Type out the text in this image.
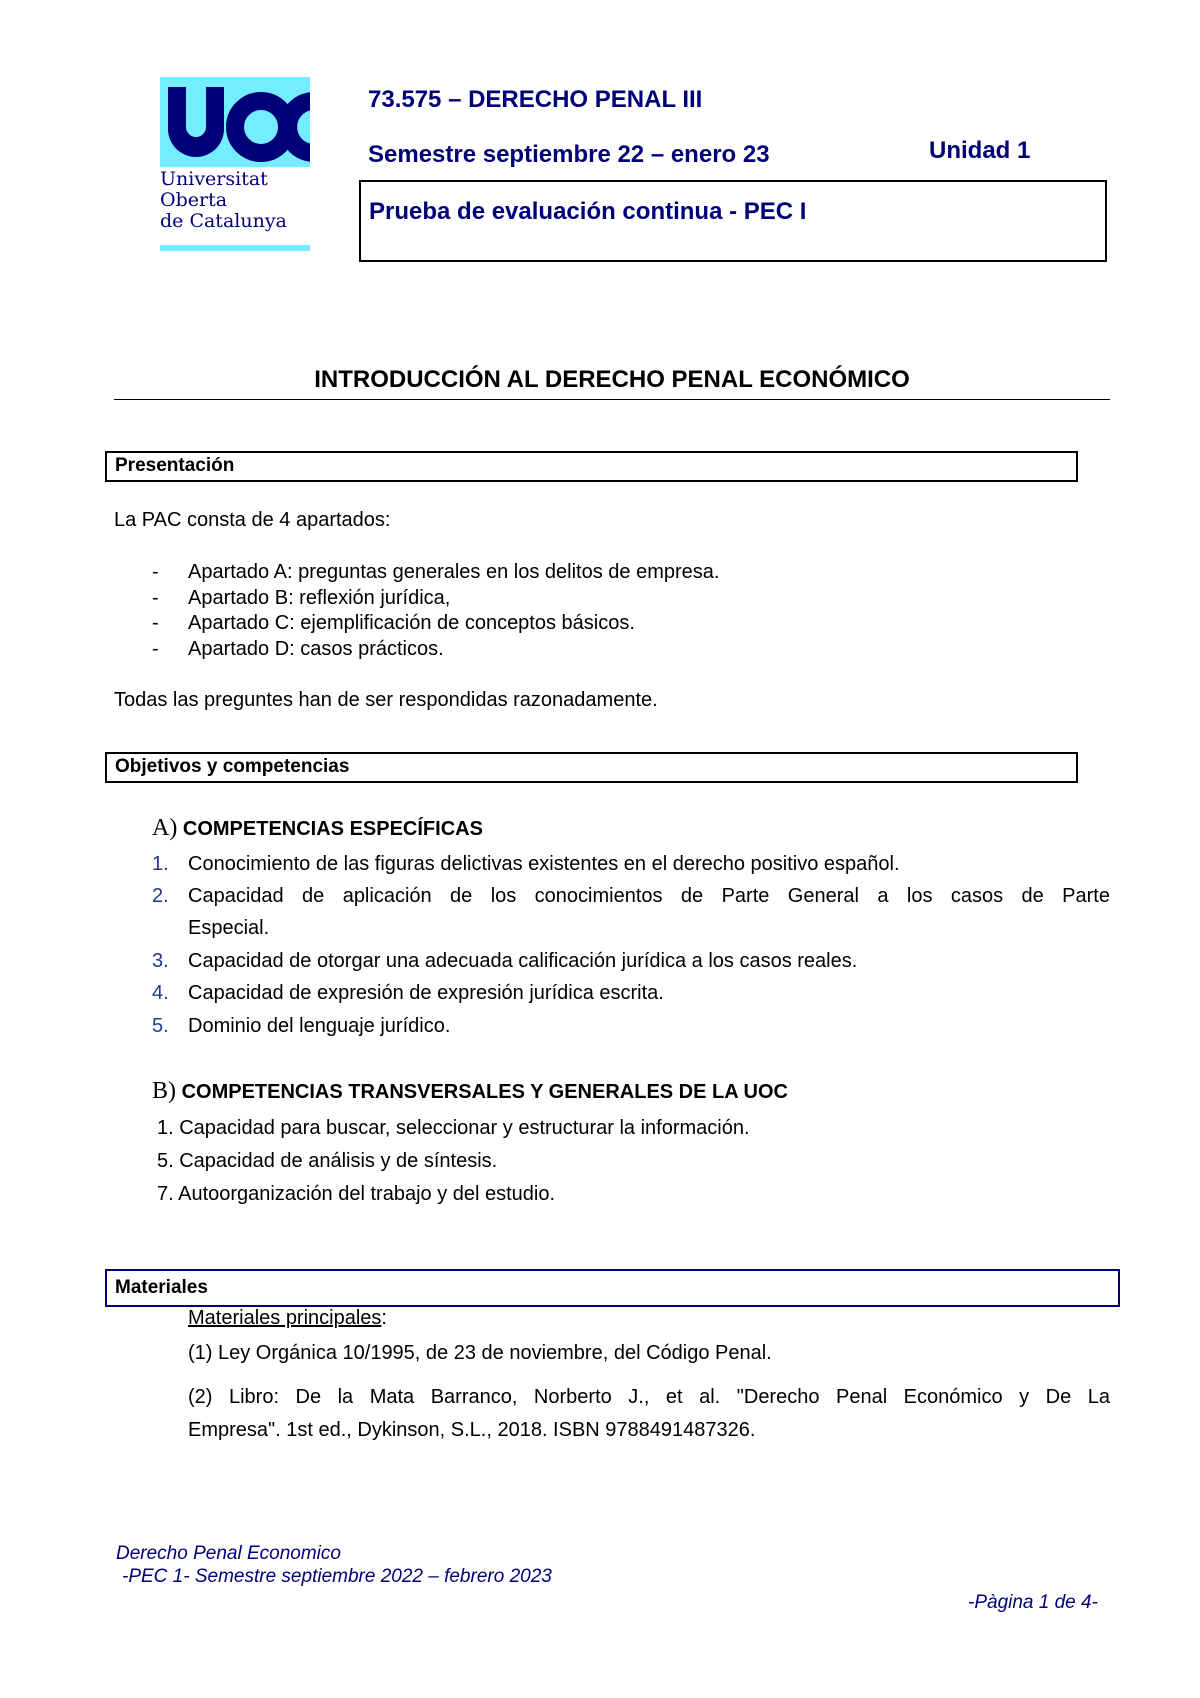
Universitat
Oberta
de Catalunya
73.575 – DERECHO PENAL III
Semestre septiembre 22 – enero 23	Unidad 1
Prueba de evaluación continua - PEC I
INTRODUCCIÓN AL DERECHO PENAL ECONÓMICO
Presentación
La PAC consta de 4 apartados:
- Apartado A: preguntas generales en los delitos de empresa.
- Apartado B: reflexión jurídica,
- Apartado C: ejemplificación de conceptos básicos.
- Apartado D: casos prácticos.
Todas las preguntes han de ser respondidas razonadamente.
Objetivos y competencias
A) COMPETENCIAS ESPECÍFICAS
1. Conocimiento de las figuras delictivas existentes en el derecho positivo español.
2. Capacidad de aplicación de los conocimientos de Parte General a los casos de Parte
Especial.
3. Capacidad de otorgar una adecuada calificación jurídica a los casos reales.
4. Capacidad de expresión de expresión jurídica escrita.
5. Dominio del lenguaje jurídico.
B) COMPETENCIAS TRANSVERSALES Y GENERALES DE LA UOC
1. Capacidad para buscar, seleccionar y estructurar la información.
5. Capacidad de análisis y de síntesis.
7. Autoorganización del trabajo y del estudio.
Materiales
Materiales principales:
(1) Ley Orgánica 10/1995, de 23 de noviembre, del Código Penal.
(2) Libro: De la Mata Barranco, Norberto J., et al. "Derecho Penal Económico y De La
Empresa". 1st ed., Dykinson, S.L., 2018. ISBN 9788491487326.
Derecho Penal Economico
-PEC 1- Semestre septiembre 2022 – febrero 2023
-Pàgina 1 de 4-
